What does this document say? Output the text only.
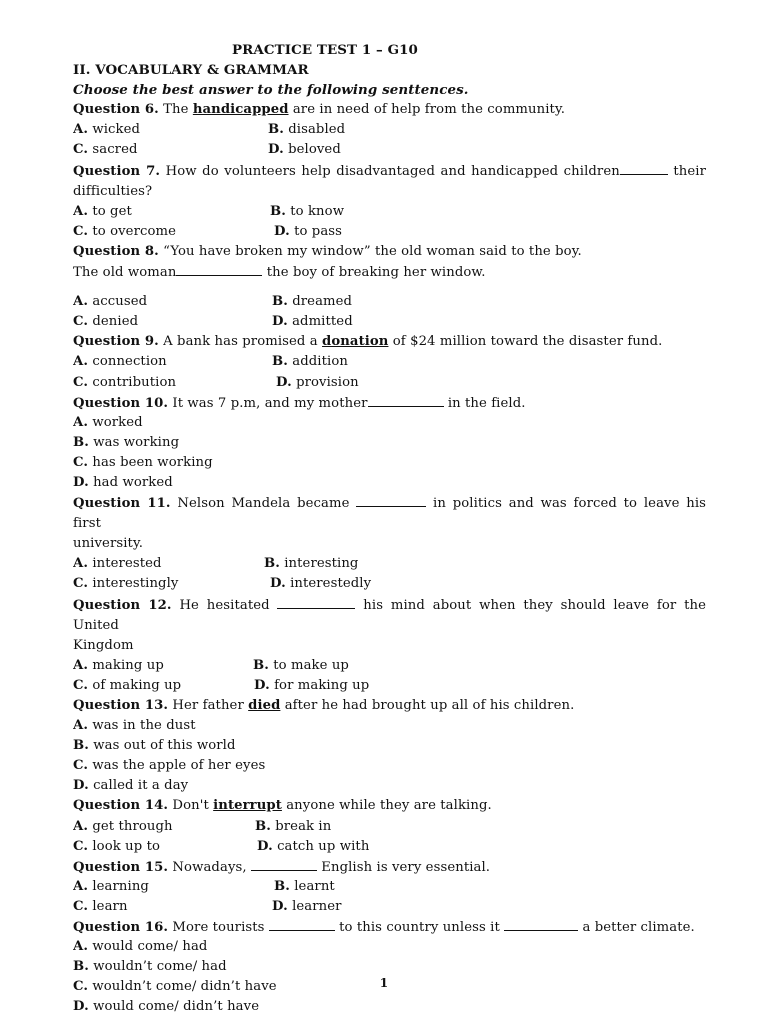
PRACTICE TEST 1 – G10
II. VOCABULARY & GRAMMAR
Choose the best answer to the following senttences.
Question 6. The handicapped are in need of help from the community.
A. wicked	B. disabled
C. sacred	D. beloved
Question 7. How do volunteers help disadvantaged and handicapped children	their
difficulties?
A. to get	B. to know
C. to overcome	D. to pass
Question 8. “You have broken my window” the old woman said to the boy.
The old woman	the boy of breaking her window.
A. accused	B. dreamed
C. denied	D. admitted
Question 9. A bank has promised a donation of $24 million toward the disaster fund.
A. connection	B. addition
C. contribution	D. provision
Question 10. It was 7 p.m, and my mother	in the field.
A. worked
B. was working
C. has been working
D. had worked
Question 11. Nelson Mandela became	in politics and was forced to leave his first
university.
A. interested	B. interesting
C. interestingly	D. interestedly
Question 12. He hesitated	his mind about when they should leave for the United
Kingdom
A. making up	B. to make up
C. of making up	D. for making up
Question 13. Her father died after he had brought up all of his children.
A. was in the dust
B. was out of this world
C. was the apple of her eyes
D. called it a day
Question 14. Don't interrupt anyone while they are talking.
A. get through	B. break in
C. look up to	D. catch up with
Question 15. Nowadays,	English is very essential.
A. learning	B. learnt
C. learn	D. learner
Question 16. More tourists	to this country unless it	a better climate.
A. would come/ had
B. wouldn’t come/ had
C. wouldn’t come/ didn’t have
D. would come/ didn’t have
1
